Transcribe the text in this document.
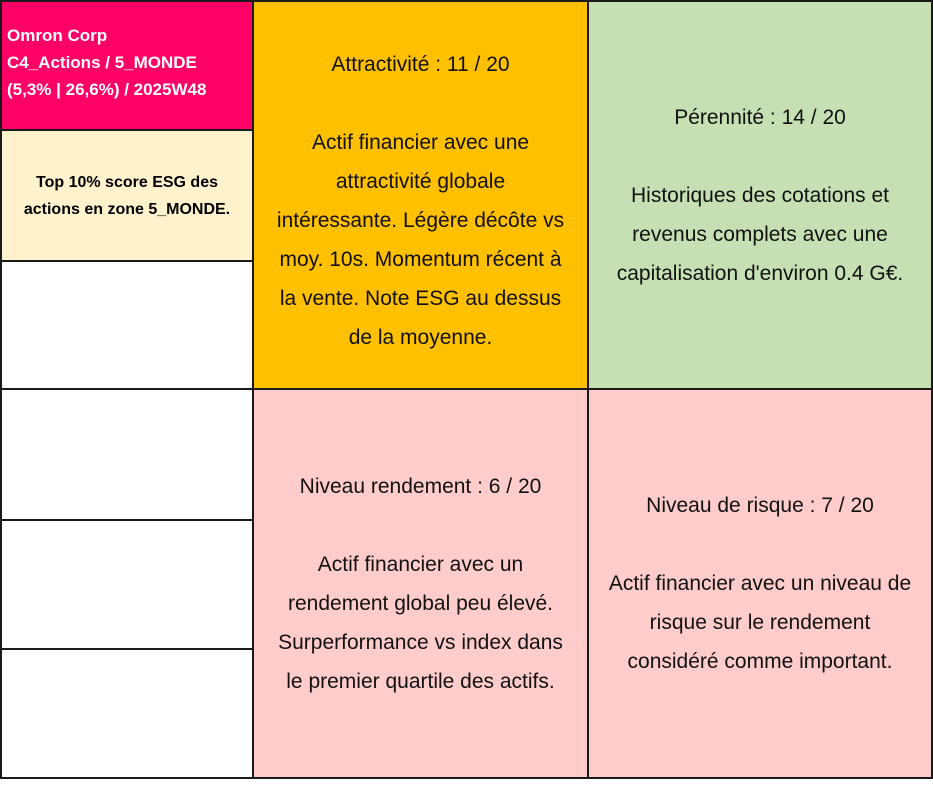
Omron Corp
C4_Actions / 5_MONDE
(5,3% | 26,6%) / 2025W48
Top 10% score ESG des
actions en zone 5_MONDE.
Attractivité : 11 / 20
Actif financier avec une
attractivité globale
intéressante. Légère décôte vs
moy. 10s. Momentum récent à
la vente. Note ESG au dessus
de la moyenne.
Pérennité : 14 / 20
Historiques des cotations et
revenus complets avec une
capitalisation d'environ 0.4 G€.
Niveau rendement : 6 / 20
Actif financier avec un
rendement global peu élevé.
Surperformance vs index dans
le premier quartile des actifs.
Niveau de risque : 7 / 20
Actif financier avec un niveau de
risque sur le rendement
considéré comme important.
